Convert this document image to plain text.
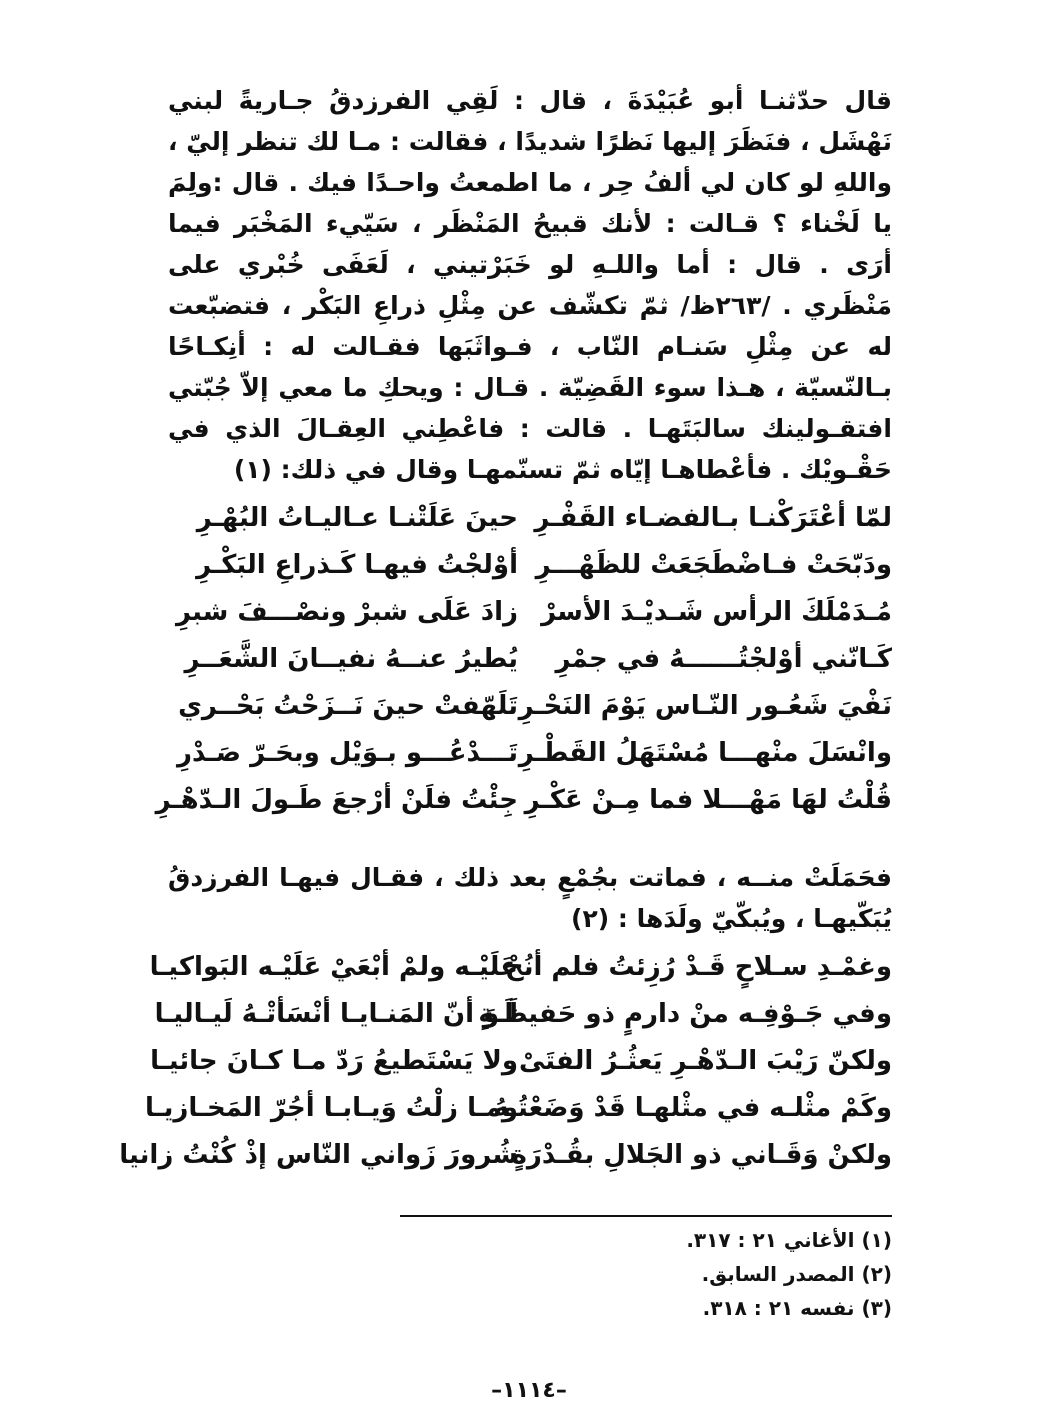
قال حدّثنـا أبو عُبَيْدَةَ ، قال : لَقِي الفرزدقُ جـاريةً لبني نَهْشَل ، فنَظَرَ إليها نَظرًا شديدًا ، فقالت : مـا لك تنظر إليّ ، واللهِ لو كان لي ألفُ حِر ، ما اطمعتُ واحـدًا فيك . قال :ولِمَ يا لَخْناء ؟ قـالت : لأنك قبيحُ المَنْظَر ، سَيّيء المَخْبَر فيما أرَى . قال : أما واللـهِ لو خَبَرْتيني ، لَعَفَى خُبْري على مَنْظَري . /٢٦٣ظ/ ثمّ تكشّف عن مِثْلِ ذراعِ البَكْر ، فتضبّعت له عن مِثْلِ سَنـام النّاب ، فـواثَبَها فقـالت له : أنِكـاحًا بـالنّسيّة ، هـذا سوء القَضِيّة . قـال : ويحكِ ما معي إلاّ جُبّتي افتقـولينك سالبَتَهـا . قالت : فاعْطِني العِقـالَ الذي في حَقْـويْك . فأعْطاهـا إيّاه ثمّ تسنّمهـا وقال في ذلك: (١)

لمّا أعْتَرَكْنـا بـالفضـاء القَفْـرِ
حينَ عَلَتْنـا عـاليـاتُ البُهْـرِ
ودَبّحَتْ فـاضْطَجَعَتْ للظَهْـــرِ
أوْلجْتُ فيهـا كَـذراعِ البَكْـرِ
مُـدَمْلَكَ الرأس شَـديْـدَ الأسرْ
زادَ عَلَى شبرْ ونصْـــفَ شبرِ
كَـانّني أوْلجْتُــــــهُ في جمْرِ
يُطيرُ عنــهُ نفيــانَ الشَّعَــرِ
نَفْيَ شَعُـور النّـاس يَوْمَ النَحْـرِ
تَلَهّفتْ حينَ نَــزَحْتُ بَحْــري
وانْسَلَ منْهـــا مُسْتَهَلُ القَطْـرِ
تَـــدْعُـــو بـوَيْل وبحَـرّ صَـدْرِ
قُلْتُ لهَا مَهْـــلا فما مِـنْ عَكْـرِ
جِئْتُ فلَنْ أرْجعَ طَـولَ الـدّهْـرِ

فحَمَلَتْ منــه ، فماتت بجُمْعٍ بعد ذلك ، فقـال فيهـا الفرزدقُ يُبَكّيهـا ، ويُبكّيّ ولَدَها : (٢)

وغمْـدِ سـلاحٍ قَـدْ رُزِئتُ فلم أنُحْ
عَلَيْـه ولمْ أبْعَيْ عَلَيْـه البَواكيـا
وفي جَـوْفِـه منْ دارمٍ ذو حَفيظَـةٍ
لَـوَ أنّ المَنـايـا أنْسَأتْـهُ لَيـاليـا
ولكنّ رَيْبَ الـدّهْـرِ يَعثُـرُ الفتَىْ
ولا يَسْتَطيعُ رَدّ مـا كـانَ جائيـا
وكَمْ مثْلـه في مثْلهـا قَدْ وَضَعْتُـهُ
ومـا زلْتُ وَيـابـا أجُرّ المَخـازيـا
ولكنْ وَقَـاني ذو الجَلالِ بقُـدْرَةٍ
شُرورَ زَواني النّاس إذْ كُنْتُ زانيا

(١) الأغاني ٢١ : ٣١٧.

(٢) المصدر السابق.

(٣) نفسه ٢١ : ٣١٨.

–١١١٤–
